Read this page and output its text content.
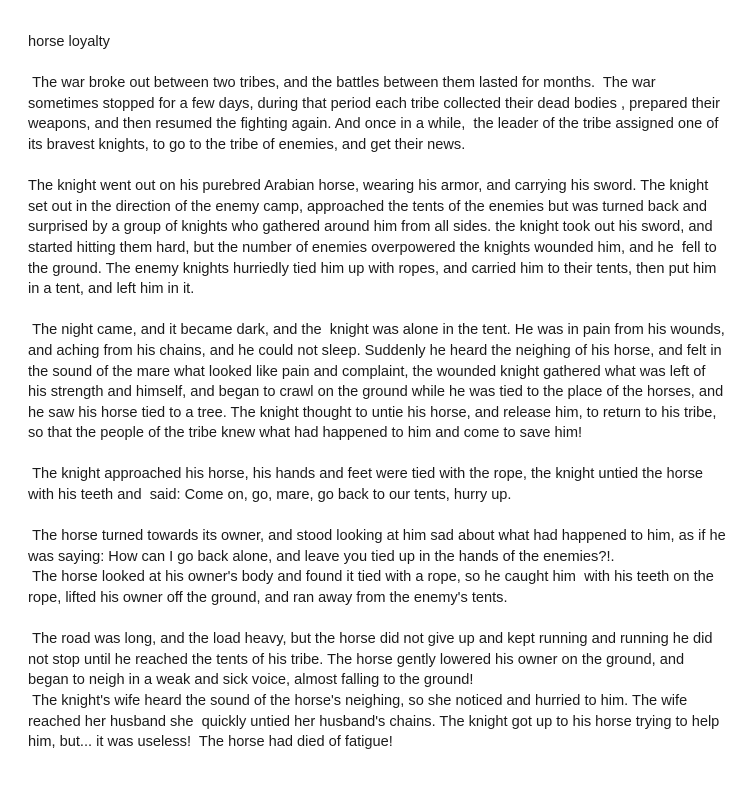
horse loyalty

The war broke out between two tribes, and the battles between them lasted for months.  The war sometimes stopped for a few days, during that period each tribe collected their dead bodies , prepared their weapons, and then resumed the fighting again. And once in a while,  the leader of the tribe assigned one of its bravest knights, to go to the tribe of enemies, and get their news.

The knight went out on his purebred Arabian horse, wearing his armor, and carrying his sword. The knight set out in the direction of the enemy camp, approached the tents of the enemies but was turned back and surprised by a group of knights who gathered around him from all sides. the knight took out his sword, and started hitting them hard, but the number of enemies overpowered the knights wounded him, and he  fell to the ground. The enemy knights hurriedly tied him up with ropes, and carried him to their tents, then put him in a tent, and left him in it.

The night came, and it became dark, and the  knight was alone in the tent. He was in pain from his wounds, and aching from his chains, and he could not sleep. Suddenly he heard the neighing of his horse, and felt in the sound of the mare what looked like pain and complaint, the wounded knight gathered what was left of his strength and himself, and began to crawl on the ground while he was tied to the place of the horses, and he saw his horse tied to a tree. The knight thought to untie his horse, and release him, to return to his tribe, so that the people of the tribe knew what had happened to him and come to save him!

The knight approached his horse, his hands and feet were tied with the rope, the knight untied the horse with his teeth and  said: Come on, go, mare, go back to our tents, hurry up.

The horse turned towards its owner, and stood looking at him sad about what had happened to him, as if he was saying: How can I go back alone, and leave you tied up in the hands of the enemies?!.

The horse looked at his owner's body and found it tied with a rope, so he caught him  with his teeth on the rope, lifted his owner off the ground, and ran away from the enemy's tents.

The road was long, and the load heavy, but the horse did not give up and kept running and running he did not stop until he reached the tents of his tribe. The horse gently lowered his owner on the ground, and began to neigh in a weak and sick voice, almost falling to the ground!

The knight's wife heard the sound of the horse's neighing, so she noticed and hurried to him. The wife reached her husband she  quickly untied her husband's chains. The knight got up to his horse trying to help him, but... it was useless!  The horse had died of fatigue!
